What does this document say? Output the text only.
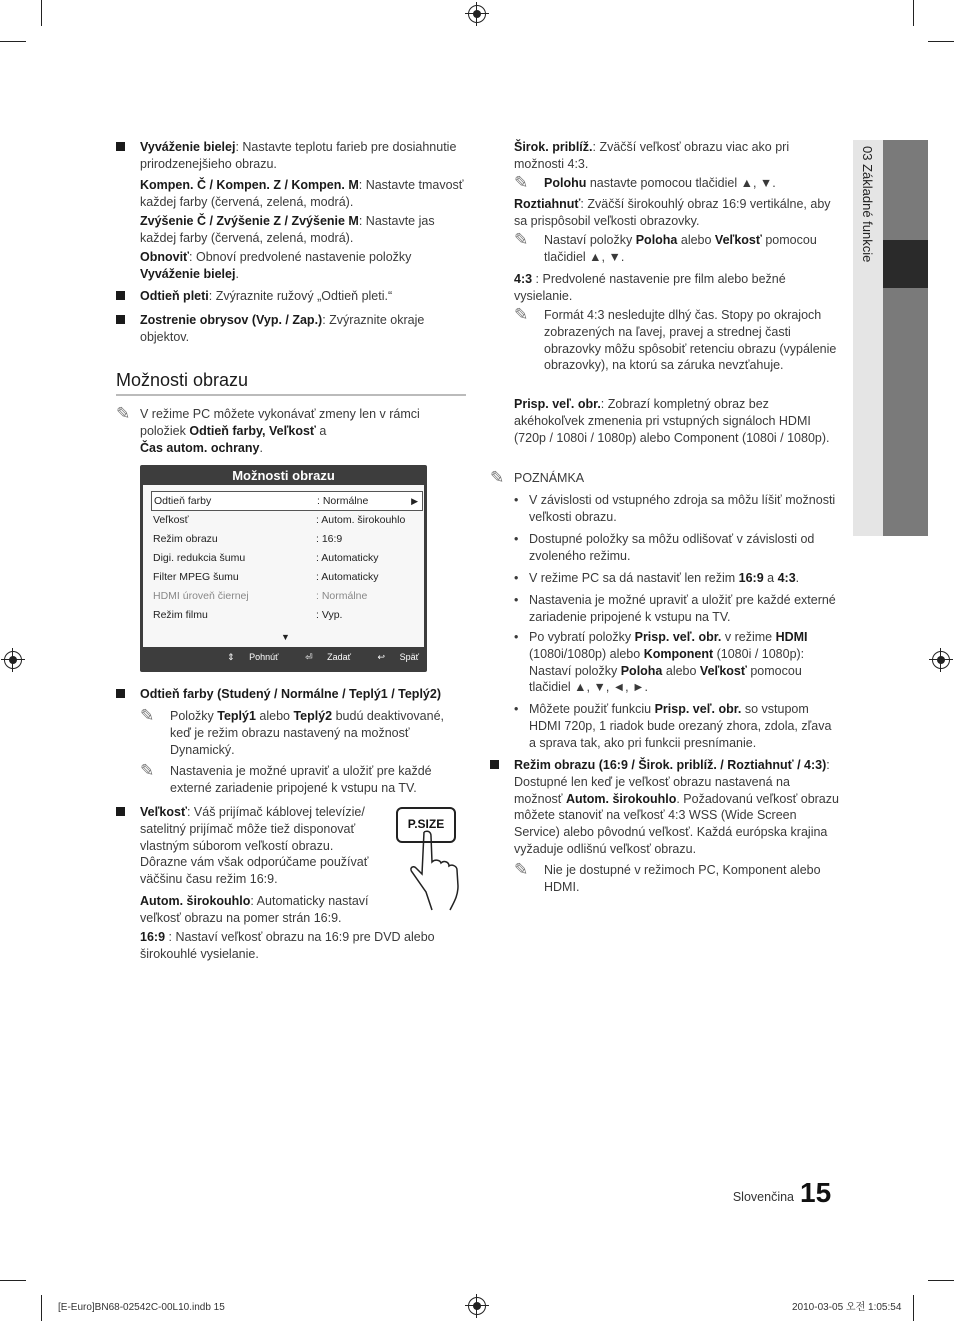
03 Základné funkcie

Vyváženie bielej: Nastavte teplotu farieb pre dosiahnutie prirodzenejšieho obrazu.

Kompen. Č / Kompen. Z / Kompen. M: Nastavte tmavosť každej farby (červená, zelená, modrá).

Zvýšenie Č / Zvýšenie Z / Zvýšenie M: Nastavte jas každej farby (červená, zelená, modrá).

Obnoviť: Obnoví predvolené nastavenie položky
Vyváženie bielej.

Odtieň pleti: Zvýraznite ružový „Odtieň pleti.“

Zostrenie obrysov (Vyp. / Zap.): Zvýraznite okraje objektov.

Možnosti obrazu
✎ V režime PC môžete vykonávať zmeny len v rámci položiek Odtieň farby, Veľkosť a
Čas autom. ochrany.

Možnosti obrazu
Odtieň farby	: Normálne	▶
Veľkosť	: Autom. širokouhlo
Režim obrazu	: 16:9
Digi. redukcia šumu	: Automaticky
Filter MPEG šumu	: Automaticky
HDMI úroveň čiernej	: Normálne
Režim filmu	: Vyp.
▼
⇕ Pohnúť	⏎ Zadať	↩ Späť

Odtieň farby (Studený / Normálne / Teplý1 / Teplý2)

✎ Položky Teplý1 alebo Teplý2 budú deaktivované, keď je režim obrazu nastavený na možnosť Dynamický.

✎ Nastavenia je možné upraviť a uložiť pre každé externé zariadenie pripojené k vstupu na TV.

Veľkosť: Váš prijímač káblovej televízie/ satelitný prijímač môže tiež disponovať vlastným súborom veľkostí obrazu. Dôrazne vám však odporúčame používať väčšinu času režim 16:9.

P.SIZE

Autom. širokouhlo: Automaticky nastaví veľkosť obrazu na pomer strán 16:9.

16:9 : Nastaví veľkosť obrazu na 16:9 pre DVD alebo širokouhlé vysielanie.

Širok. priblíž.: Zväčší veľkosť obrazu viac ako pri možnosti 4:3.

✎ Polohu nastavte pomocou tlačidiel ▲, ▼.

Roztiahnuť: Zväčší širokouhlý obraz 16:9 vertikálne, aby sa prispôsobil veľkosti obrazovky.

✎ Nastaví položky Poloha alebo Veľkosť pomocou tlačidiel ▲, ▼.

4:3 : Predvolené nastavenie pre film alebo bežné vysielanie.

✎ Formát 4:3 nesledujte dlhý čas. Stopy po okrajoch zobrazených na ľavej, pravej a strednej časti obrazovky môžu spôsobiť retenciu obrazu (vypálenie obrazovky), na ktorú sa záruka nevzťahuje.

Prisp. veľ. obr.: Zobrazí kompletný obraz bez akéhokoľvek zmenenia pri vstupných signáloch HDMI (720p / 1080i / 1080p) alebo Component (1080i / 1080p).

✎ POZNÁMKA

• V závislosti od vstupného zdroja sa môžu líšiť možnosti veľkosti obrazu.

• Dostupné položky sa môžu odlišovať v závislosti od zvoleného režimu.

• V režime PC sa dá nastaviť len režim 16:9 a 4:3.

• Nastavenia je možné upraviť a uložiť pre každé externé zariadenie pripojené k vstupu na TV.

• Po vybratí položky Prisp. veľ. obr. v režime HDMI (1080i/1080p) alebo Komponent (1080i / 1080p): Nastaví položky Poloha alebo Veľkosť pomocou tlačidiel ▲, ▼, ◄, ►.

• Môžete použiť funkciu Prisp. veľ. obr. so vstupom HDMI 720p, 1 riadok bude orezaný zhora, zdola, zľava a sprava tak, ako pri funkcii presnímanie.

Režim obrazu (16:9 / Širok. priblíž. / Roztiahnuť / 4:3): Dostupné len keď je veľkosť obrazu nastavená na možnosť Autom. širokouhlo. Požadovanú veľkosť obrazu môžete stanoviť na veľkosť 4:3 WSS (Wide Screen Service) alebo pôvodnú veľkosť. Každá európska krajina vyžaduje odlišnú veľkosť obrazu.

✎ Nie je dostupné v režimoch PC, Komponent alebo HDMI.

Slovenčina 15
[E-Euro]BN68-02542C-00L10.indb 15	2010-03-05 오전 1:05:54
